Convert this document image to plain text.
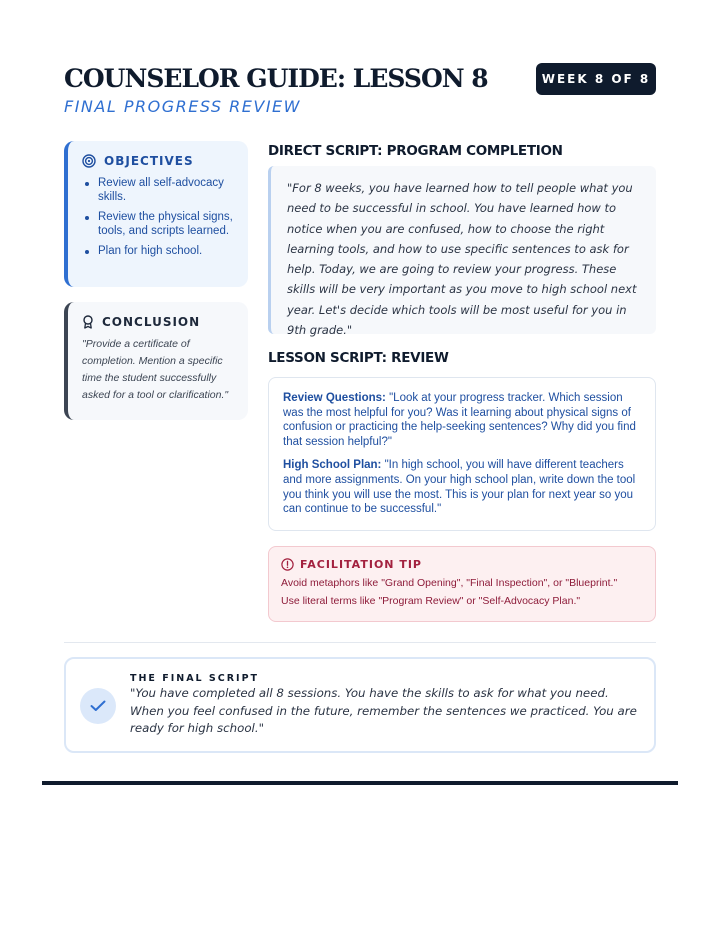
COUNSELOR GUIDE: LESSON 8
FINAL PROGRESS REVIEW
WEEK 8 OF 8
OBJECTIVES
Review all self-advocacy skills.
Review the physical signs, tools, and scripts learned.
Plan for high school.
CONCLUSION

"Provide a certificate of completion. Mention a specific time the student successfully asked for a tool or clarification."

DIRECT SCRIPT: PROGRAM COMPLETION

"For 8 weeks, you have learned how to tell people what you need to be successful in school. You have learned how to notice when you are confused, how to choose the right learning tools, and how to use specific sentences to ask for help. Today, we are going to review your progress. These skills will be very important as you move to high school next year. Let's decide which tools will be most useful for you in 9th grade."

LESSON SCRIPT: REVIEW

Review Questions: "Look at your progress tracker. Which session was the most helpful for you? Was it learning about physical signs of confusion or practicing the help-seeking sentences? Why did you find that session helpful?"

High School Plan: "In high school, you will have different teachers and more assignments. On your high school plan, write down the tool you think you will use the most. This is your plan for next year so you can continue to be successful."

FACILITATION TIP

Avoid metaphors like "Grand Opening", "Final Inspection", or "Blueprint."

Use literal terms like "Program Review" or "Self-Advocacy Plan."

THE FINAL SCRIPT

"You have completed all 8 sessions. You have the skills to ask for what you need. When you feel confused in the future, remember the sentences we practiced. You are ready for high school."
